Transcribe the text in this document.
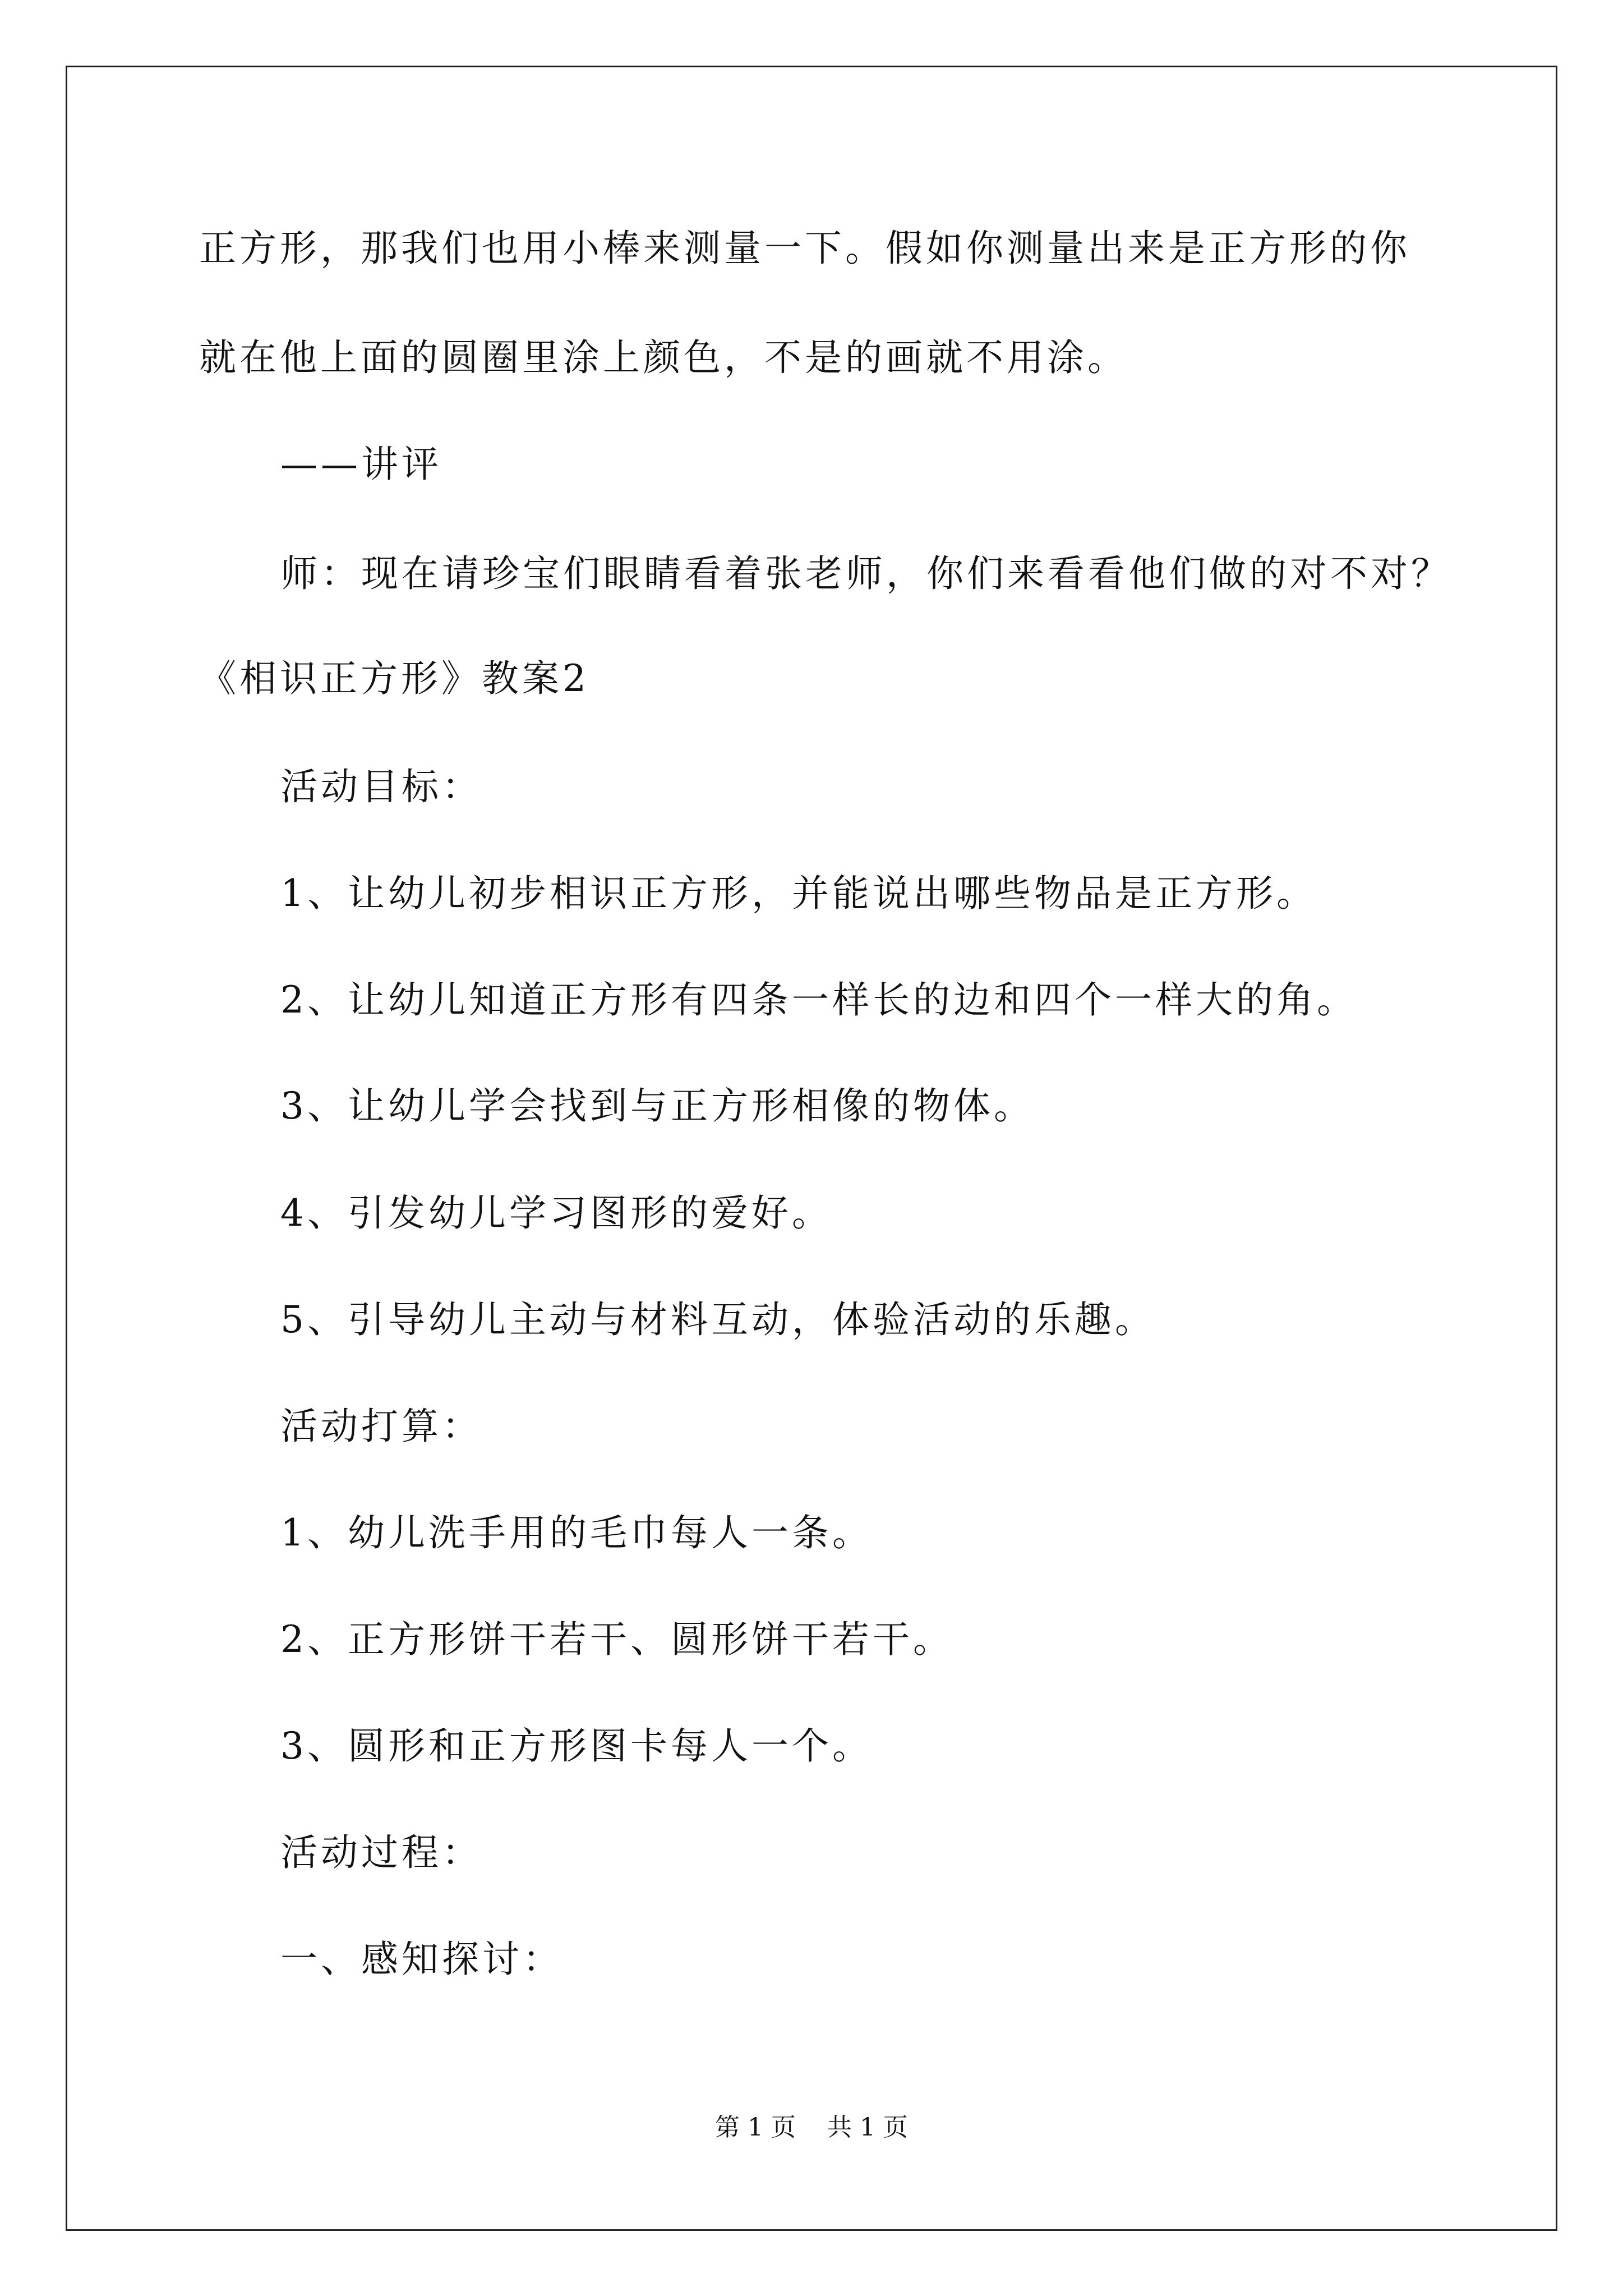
正方形，那我们也用小棒来测量一下。假如你测量出来是正方形的你
就在他上面的圆圈里涂上颜色，不是的画就不用涂。
——讲评
师：现在请珍宝们眼睛看着张老师，你们来看看他们做的对不对？
《相识正方形》教案2
活动目标：
1、让幼儿初步相识正方形，并能说出哪些物品是正方形。
2、让幼儿知道正方形有四条一样长的边和四个一样大的角。
3、让幼儿学会找到与正方形相像的物体。
4、引发幼儿学习图形的爱好。
5、引导幼儿主动与材料互动，体验活动的乐趣。
活动打算：
1、幼儿洗手用的毛巾每人一条。
2、正方形饼干若干、圆形饼干若干。
3、圆形和正方形图卡每人一个。
活动过程：
一、感知探讨：
第 1 页    共 1 页
